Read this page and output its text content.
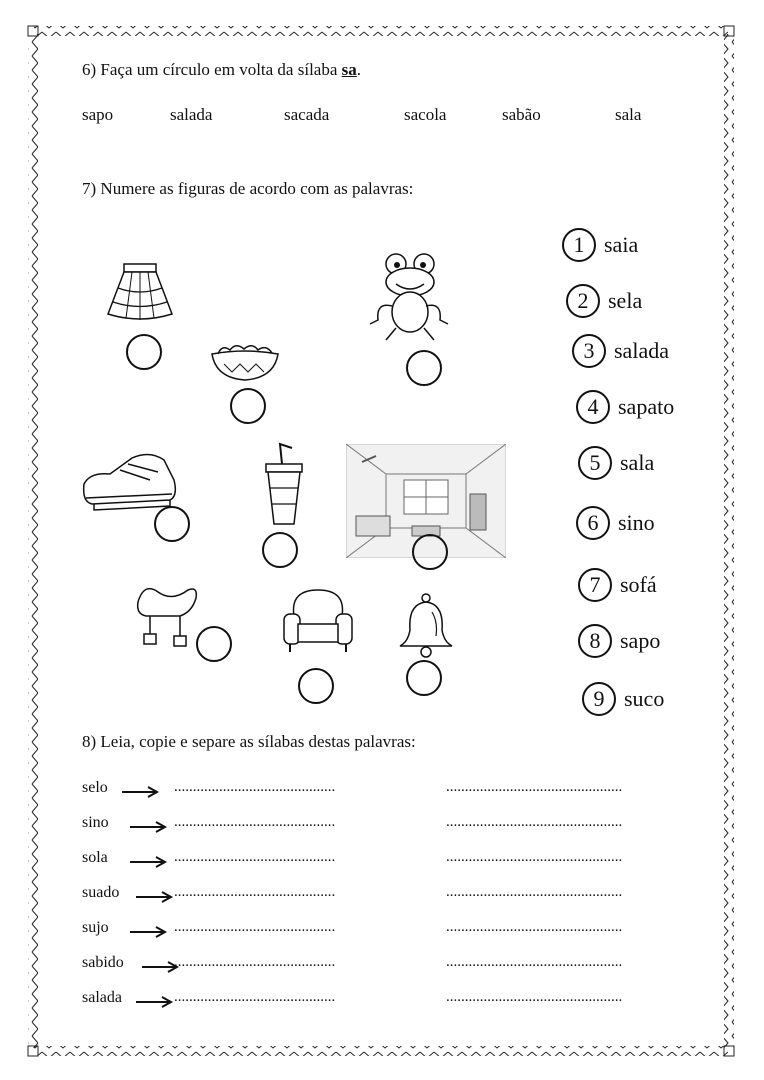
6) Faça um círculo em volta da sílaba sa.
sapo	salada	sacada	sacola	sabão	sala
7) Numere as figuras de acordo com as palavras:
1 saia
2 sela
3 salada
4 sapato
5 sala
6 sino
7 sofá
8 sapo
9 suco
8) Leia, copie e separe as sílabas destas palavras:
selo	...........................................	...............................................
sino	...........................................	...............................................
sola	...........................................	...............................................
suado	...........................................	...............................................
sujo	...........................................	...............................................
sabido	...........................................	...............................................
salada	...........................................	...............................................
